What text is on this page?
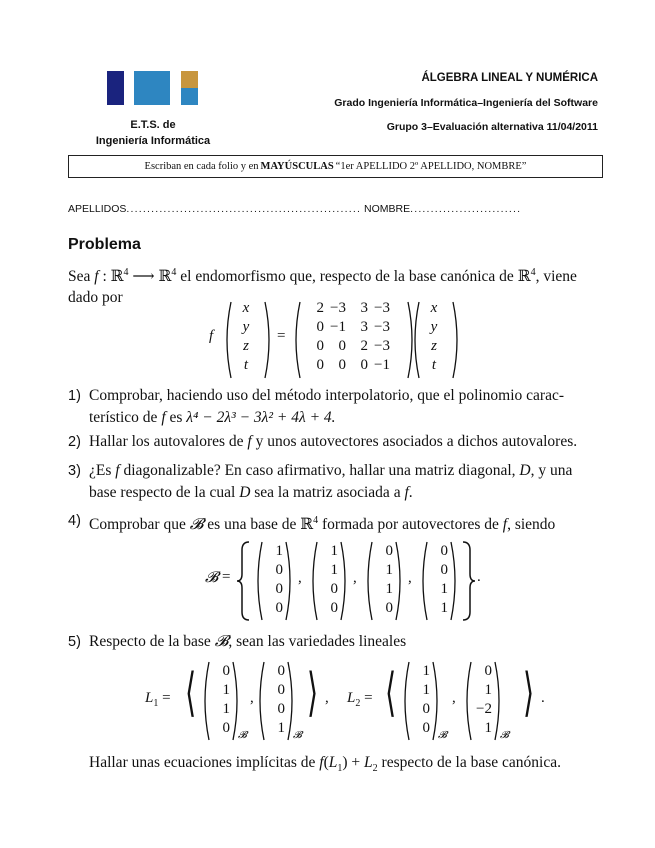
E.T.S. de
Ingeniería Informática
ÁLGEBRA LINEAL Y NUMÉRICA
Grado Ingeniería Informática–Ingeniería del Software
Grupo 3–Evaluación alternativa 11/04/2011
Escriban en cada folio y en MAYÚSCULAS “1er APELLIDO 2º APELLIDO, NOMBRE”
APELLIDOS......................................................... NOMBRE...........................
Problema
Sea f : ℝ$^4$ ⟶ ℝ$^4$ el endomorfismo que, respecto de la base canónica de ℝ$^4$, viene
dado por
f
x
y
z
t
=
2
0
0
0
−3
−1
0
0
3
3
2
0
−3
−3
−3
−1
x
y
z
t
1) Comprobar, haciendo uso del método interpolatorio, que el polinomio carac-
terístico de f es λ⁴ − 2λ³ − 3λ² + 4λ + 4.
2) Hallar los autovalores de f y unos autovectores asociados a dichos autovalores.
3) ¿Es f diagonalizable? En caso afirmativo, hallar una matriz diagonal, D, y una
base respecto de la cual D sea la matriz asociada a f.
4) Comprobar que 𝓑 es una base de ℝ$^4$ formada por autovectores de f, siendo
𝓑 =
1
0
0
0
,
1
1
0
0
,
0
1
1
0
,
0
0
1
1
.
5) Respecto de la base 𝓑, sean las variedades lineales
$L_1$ = ⟨	0
1
1
0 𝓑
0
0
0
1 𝓑
, ⟩ , $L_2$ = ⟨	1
1
0
0 𝓑
0
1
−2
1 𝓑
, ⟩ .
Hallar unas ecuaciones implícitas de $f(L_1) + L_2$ respecto de la base canónica.
